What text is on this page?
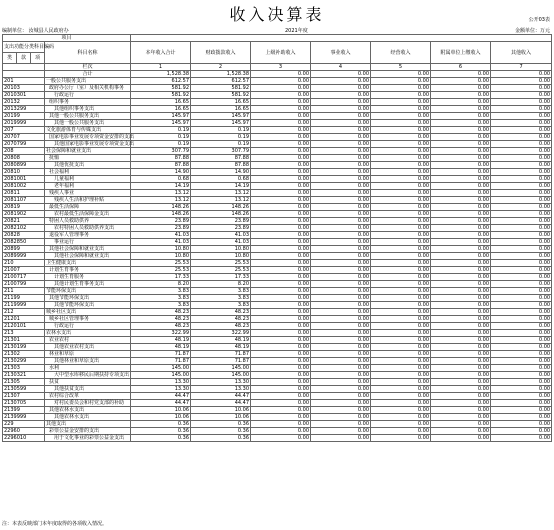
收入决算表	公开03表
编制单位： 汝城县人民政府办	2021年度	金额单位：万元
项目										
支出功能分类科目编码			科目名称	本年收入合计	财政拨款收入	上级补助收入	事业收入	经营收入	附属单位上缴收入	其他收入
类	款	项								
			栏次	1	2	3	4	5	6	7
			合计	1,528.38	1,528.38	0.00	0.00	0.00	0.00	0.00
201			一般公共服务支出	612.57	612.57	0.00	0.00	0.00	0.00	0.00
20103			政府办公厅（室）及相关机构事务	581.92	581.92	0.00	0.00	0.00	0.00	0.00
2010301			行政运行	581.92	581.92	0.00	0.00	0.00	0.00	0.00
20132			组织事务	16.65	16.65	0.00	0.00	0.00	0.00	0.00
2013299			其他组织事务支出	16.65	16.65	0.00	0.00	0.00	0.00	0.00
20199			其他一般公共服务支出	145.97	145.97	0.00	0.00	0.00	0.00	0.00
2019999			其他一般公共服务支出	145.97	145.97	0.00	0.00	0.00	0.00	0.00
207			文化旅游体育与传媒支出	0.19	0.19	0.00	0.00	0.00	0.00	0.00
20707			国家电影事业发展专项资金安排的支出	0.19	0.19	0.00	0.00	0.00	0.00	0.00
2070799			其他国家电影事业发展专项资金支出	0.19	0.19	0.00	0.00	0.00	0.00	0.00
208			社会保障和就业支出	307.79	307.79	0.00	0.00	0.00	0.00	0.00
20808			抚恤	87.88	87.88	0.00	0.00	0.00	0.00	0.00
2080899			其他优抚支出	87.88	87.88	0.00	0.00	0.00	0.00	0.00
20810			社会福利	14.90	14.90	0.00	0.00	0.00	0.00	0.00
2081001			儿童福利	0.68	0.68	0.00	0.00	0.00	0.00	0.00
2081002			老年福利	14.19	14.19	0.00	0.00	0.00	0.00	0.00
20811			残疾人事业	13.12	13.12	0.00	0.00	0.00	0.00	0.00
2081107			残疾人生活和护理补贴	13.12	13.12	0.00	0.00	0.00	0.00	0.00
20819			最低生活保障	148.26	148.26	0.00	0.00	0.00	0.00	0.00
2081902			农村最低生活保障金支出	148.26	148.26	0.00	0.00	0.00	0.00	0.00
20821			特困人员救助供养	23.89	23.89	0.00	0.00	0.00	0.00	0.00
2082102			农村特困人员救助供养支出	23.89	23.89	0.00	0.00	0.00	0.00	0.00
20828			退役军人管理事务	41.03	41.03	0.00	0.00	0.00	0.00	0.00
2082850			事业运行	41.03	41.03	0.00	0.00	0.00	0.00	0.00
20899			其他社会保障和就业支出	10.80	10.80	0.00	0.00	0.00	0.00	0.00
2089999			其他社会保障和就业支出	10.80	10.80	0.00	0.00	0.00	0.00	0.00
210			卫生健康支出	25.53	25.53	0.00	0.00	0.00	0.00	0.00
21007			计划生育事务	25.53	25.53	0.00	0.00	0.00	0.00	0.00
2100717			计划生育服务	17.33	17.33	0.00	0.00	0.00	0.00	0.00
2100799			其他计划生育事务支出	8.20	8.20	0.00	0.00	0.00	0.00	0.00
211			节能环保支出	3.83	3.83	0.00	0.00	0.00	0.00	0.00
21199			其他节能环保支出	3.83	3.83	0.00	0.00	0.00	0.00	0.00
2119999			其他节能环保支出	3.83	3.83	0.00	0.00	0.00	0.00	0.00
212			城乡社区支出	48.23	48.23	0.00	0.00	0.00	0.00	0.00
21201			城乡社区管理事务	48.23	48.23	0.00	0.00	0.00	0.00	0.00
2120101			行政运行	48.23	48.23	0.00	0.00	0.00	0.00	0.00
213			农林水支出	322.99	322.99	0.00	0.00	0.00	0.00	0.00
21301			农业农村	48.19	48.19	0.00	0.00	0.00	0.00	0.00
2130199			其他农业农村支出	48.19	48.19	0.00	0.00	0.00	0.00	0.00
21302			林业和草原	71.87	71.87	0.00	0.00	0.00	0.00	0.00
2130299			其他林业和草原支出	71.87	71.87	0.00	0.00	0.00	0.00	0.00
21303			水利	145.00	145.00	0.00	0.00	0.00	0.00	0.00
2130321			大中型水库移民后期扶持专项支出	145.00	145.00	0.00	0.00	0.00	0.00	0.00
21305			扶贫	13.30	13.30	0.00	0.00	0.00	0.00	0.00
2130599			其他扶贫支出	13.30	13.30	0.00	0.00	0.00	0.00	0.00
21307			农村综合改革	44.47	44.47	0.00	0.00	0.00	0.00	0.00
2130705			对村民委员会和村党支部的补助	44.47	44.47	0.00	0.00	0.00	0.00	0.00
21399			其他农林水支出	10.06	10.06	0.00	0.00	0.00	0.00	0.00
2139999			其他农林水支出	10.06	10.06	0.00	0.00	0.00	0.00	0.00
229			其他支出	0.36	0.36	0.00	0.00	0.00	0.00	0.00
22960			彩票公益金安排的支出	0.36	0.36	0.00	0.00	0.00	0.00	0.00
2296010			用于文化事业的彩票公益金支出	0.36	0.36	0.00	0.00	0.00	0.00	0.00
注：本表反映部门本年度取得的各项收入情况。
